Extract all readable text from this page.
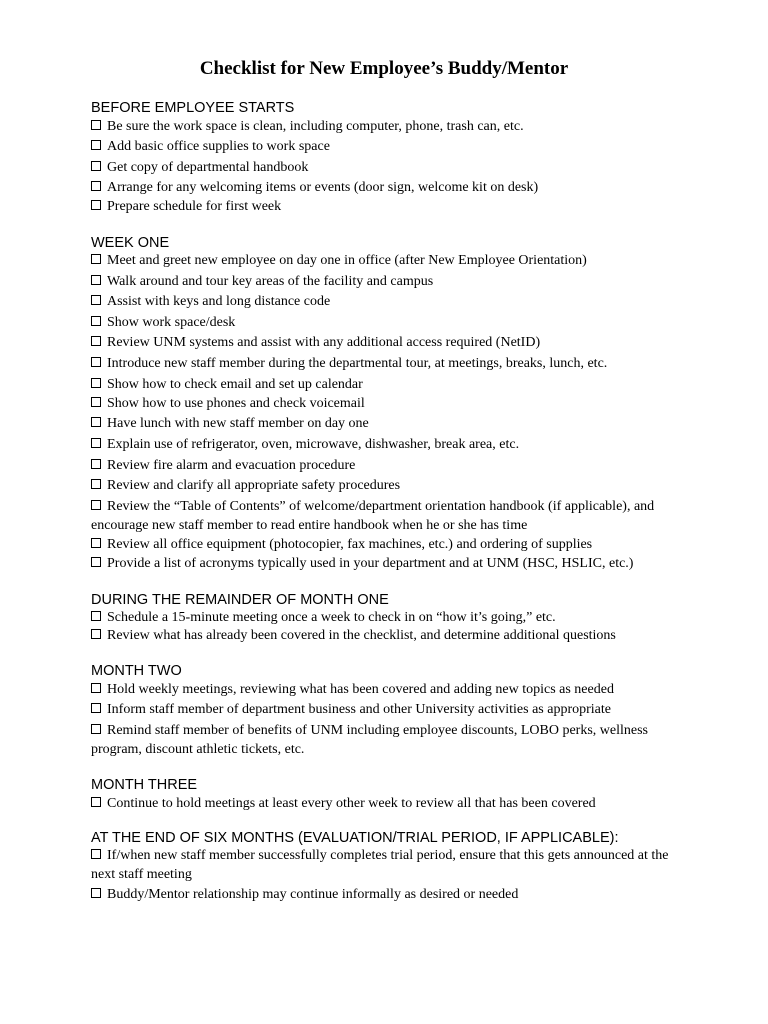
Checklist for New Employee’s Buddy/Mentor
BEFORE EMPLOYEE STARTS
Be sure the work space is clean, including computer, phone, trash can, etc.
Add basic office supplies to work space
Get copy of departmental handbook
Arrange for any welcoming items or events (door sign, welcome kit on desk)
Prepare schedule for first week
WEEK ONE
Meet and greet new employee on day one in office (after New Employee Orientation)
Walk around and tour key areas of the facility and campus
Assist with keys and long distance code
Show work space/desk
Review UNM systems and assist with any additional access required (NetID)
Introduce new staff member during the departmental tour, at meetings, breaks, lunch, etc.
Show how to check email and set up calendar
Show how to use phones and check voicemail
Have lunch with new staff member on day one
Explain use of refrigerator, oven, microwave, dishwasher, break area, etc.
Review fire alarm and evacuation procedure
Review and clarify all appropriate safety procedures
Review the “Table of Contents” of welcome/department orientation handbook (if applicable), and encourage new staff member to read entire handbook when he or she has time
Review all office equipment (photocopier, fax machines, etc.) and ordering of supplies
Provide a list of acronyms typically used in your department and at UNM (HSC, HSLIC, etc.)
DURING THE REMAINDER OF MONTH ONE
Schedule a 15-minute meeting once a week to check in on “how it’s going,” etc.
Review what has already been covered in the checklist, and determine additional questions
MONTH TWO
Hold weekly meetings, reviewing what has been covered and adding new topics as needed
Inform staff member of department business and other University activities as appropriate
Remind staff member of benefits of UNM including employee discounts, LOBO perks, wellness program, discount athletic tickets, etc.
MONTH THREE
Continue to hold meetings at least every other week to review all that has been covered
AT THE END OF SIX MONTHS (EVALUATION/TRIAL PERIOD, IF APPLICABLE):
If/when new staff member successfully completes trial period, ensure that this gets announced at the next staff meeting
Buddy/Mentor relationship may continue informally as desired or needed
